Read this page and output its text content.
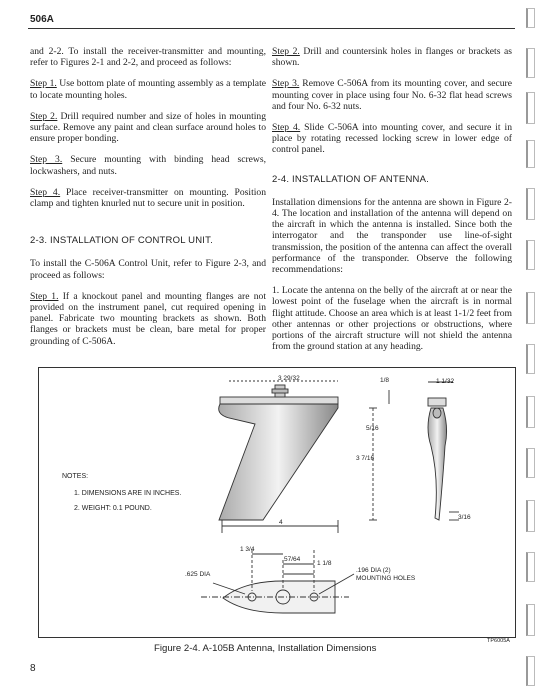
506A

and 2-2. To install the receiver-transmitter and mounting, refer to Figures 2-1 and 2-2, and proceed as follows:

Step 1. Use bottom plate of mounting assembly as a template to locate mounting holes.

Step 2. Drill required number and size of holes in mounting surface. Remove any paint and clean surface around holes to ensure proper bonding.

Step 3. Secure mounting with binding head screws, lockwashers, and nuts.

Step 4. Place receiver-transmitter on mounting. Position clamp and tighten knurled nut to secure unit in position.

2-3. INSTALLATION OF CONTROL UNIT.

To install the C-506A Control Unit, refer to Figure 2-3, and proceed as follows:

Step 1. If a knockout panel and mounting flanges are not provided on the instrument panel, cut required opening in panel. Fabricate two mounting brackets as shown. Both flanges or brackets must be clean, bare metal for proper grounding of C-506A.

Step 2. Drill and countersink holes in flanges or brackets as shown.

Step 3. Remove C-506A from its mounting cover, and secure mounting cover in place using four No. 6-32 flat head screws and four No. 6-32 nuts.

Step 4. Slide C-506A into mounting cover, and secure it in place by rotating recessed locking screw in lower edge of control panel.

2-4. INSTALLATION OF ANTENNA.

Installation dimensions for the antenna are shown in Figure 2-4. The location and installation of the antenna will depend on the aircraft in which the antenna is installed. Since both the interrogator and the transponder use line-of-sight transmission, the position of the antenna can affect the overall performance of the transponder. Observe the following recommendations:

1. Locate the antenna on the belly of the aircraft at or near the lowest point of the fuselage when the aircraft is in normal flight attitude. Choose an area which is at least 1-1/2 feet from other antennas or other projections or obstructions, where portions of the aircraft structure will not shield the antenna from the ground station at any heading.

3 29/32	1/8	1 1/32
5/16
3 7/16
3/16
4
1 3/4
57/64
1 1/8
.625 DIA
.196 DIA (2)
MOUNTING HOLES
NOTES:
1. DIMENSIONS ARE IN INCHES.
2. WEIGHT: 0.1 POUND.
TP6005A
Figure 2-4. A-105B Antenna, Installation Dimensions
8
